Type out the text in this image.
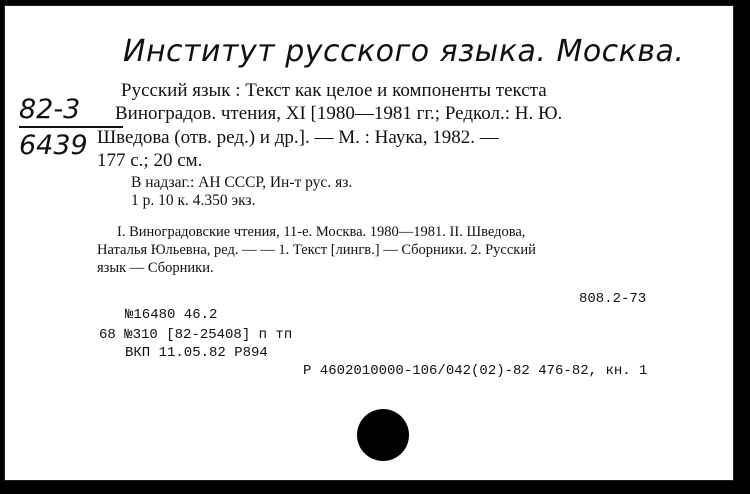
Институт русского языка. Москва.
82-3
6439
Русский язык : Текст как целое и компоненты текста
Виноградов. чтения, XI [1980—1981 гг.; Редкол.: Н. Ю.
Шведова (отв. ред.) и др.]. — М. : Наука, 1982. —
177 с.; 20 см.
В надзаг.: АН СССР, Ин-т рус. яз.
1 р. 10 к. 4.350 экз.
I. Виноградовские чтения, 11-е. Москва. 1980—1981. II. Шведова,
Наталья Юльевна, ред. — — 1. Текст [лингв.] — Сборники. 2. Русский
язык — Сборники.
808.2-73
№16480 46.2
68 №310 [82-25408] п тп
ВКП 11.05.82 Р894
Р 4602010000-106/042(02)-82 476-82, кн. 1
